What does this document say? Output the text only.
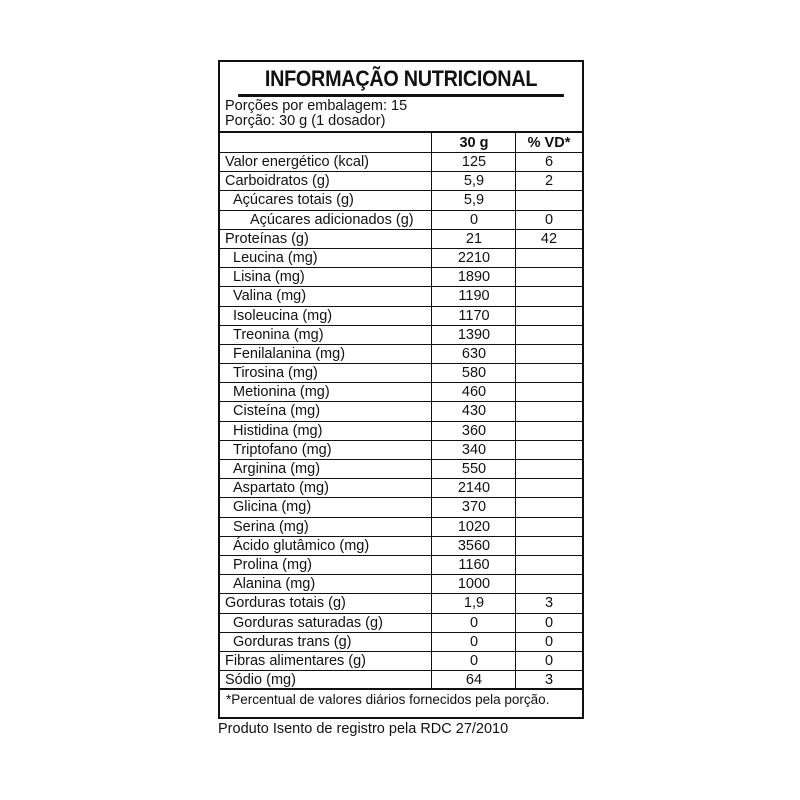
INFORMAÇÃO NUTRICIONAL
Porções por embalagem: 15
Porção: 30 g (1 dosador)
30 g	% VD*
Valor energético (kcal)	125	6
Carboidratos (g)	5,9	2
Açúcares totais (g)	5,9
Açúcares adicionados (g)	0	0
Proteínas (g)	21	42
Leucina (mg)	2210
Lisina (mg)	1890
Valina (mg)	1190
Isoleucina (mg)	1170
Treonina (mg)	1390
Fenilalanina (mg)	630
Tirosina (mg)	580
Metionina (mg)	460
Cisteína (mg)	430
Histidina (mg)	360
Triptofano (mg)	340
Arginina (mg)	550
Aspartato (mg)	2140
Glicina (mg)	370
Serina (mg)	1020
Ácido glutâmico (mg)	3560
Prolina (mg)	1160
Alanina (mg)	1000
Gorduras totais (g)	1,9	3
Gorduras saturadas (g)	0	0
Gorduras trans (g)	0	0
Fibras alimentares (g)	0	0
Sódio (mg)	64	3
*Percentual de valores diários fornecidos pela porção.
Produto Isento de registro pela RDC 27/2010
